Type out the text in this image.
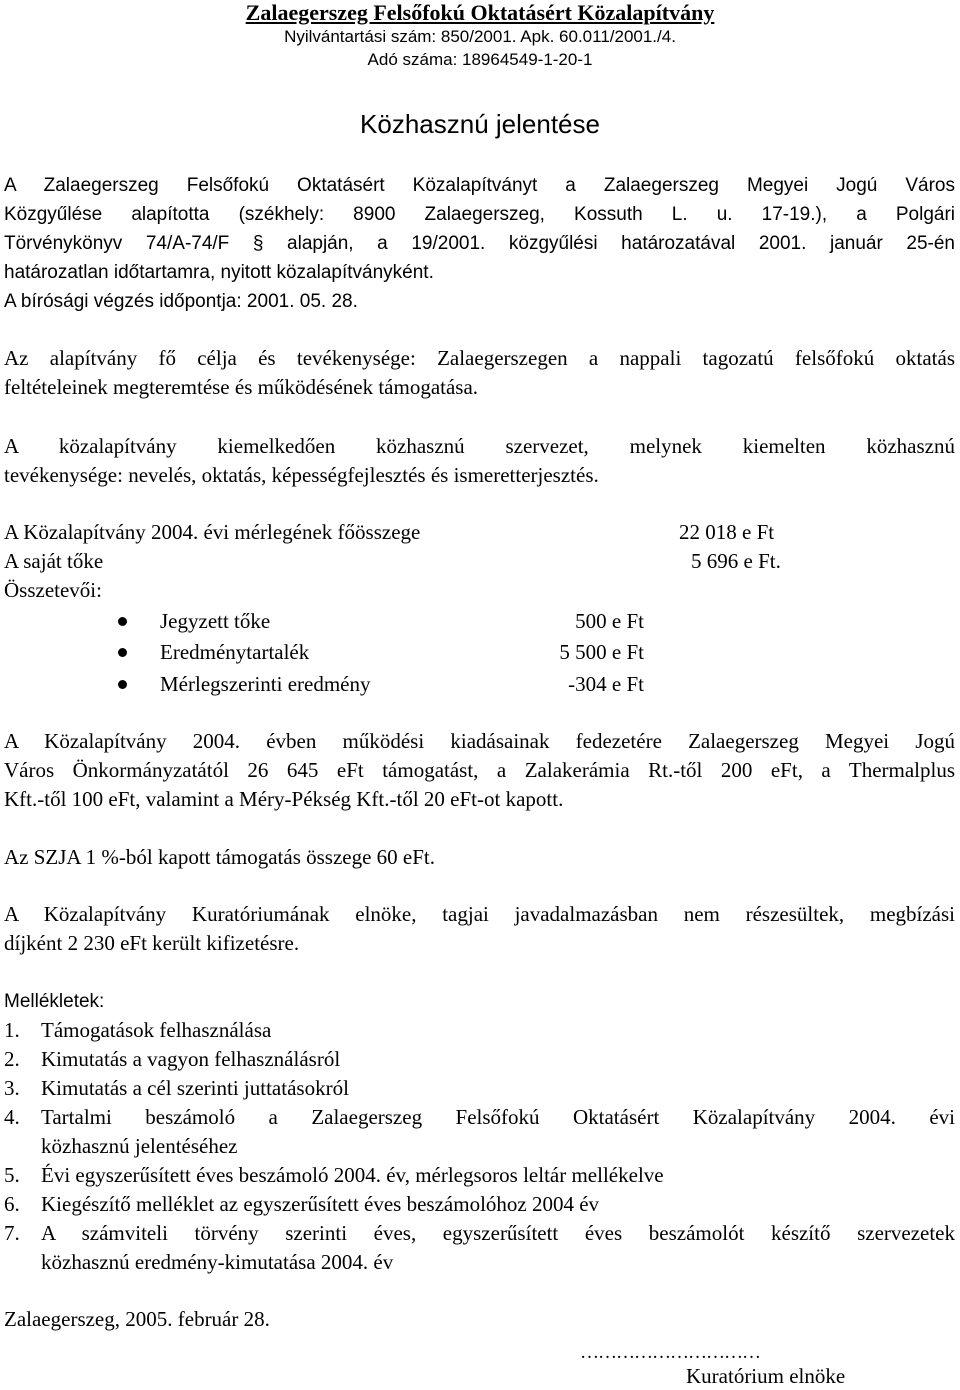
Zalaegerszeg Felsőfokú Oktatásért Közalapítvány
Nyilvántartási szám: 850/2001. Apk. 60.011/2001./4.
Adó száma: 18964549-1-20-1
Közhasznú jelentése
A Zalaegerszeg Felsőfokú Oktatásért Közalapítványt a Zalaegerszeg Megyei Jogú Város
Közgyűlése alapította (székhely: 8900 Zalaegerszeg, Kossuth L. u. 17-19.), a Polgári
Törvénykönyv 74/A-74/F § alapján, a 19/2001. közgyűlési határozatával 2001. január 25-én
határozatlan időtartamra, nyitott közalapítványként.
A bírósági végzés időpontja: 2001. 05. 28.
Az alapítvány fő célja és tevékenysége: Zalaegerszegen a nappali tagozatú felsőfokú oktatás
feltételeinek megteremtése és működésének támogatása.
A közalapítvány kiemelkedően közhasznú szervezet, melynek kiemelten közhasznú
tevékenysége: nevelés, oktatás, képességfejlesztés és ismeretterjesztés.
A Közalapítvány 2004. évi mérlegének főösszege	22 018 e Ft
A saját tőke	5 696 e Ft.
Összetevői:
Jegyzett tőke	500 e Ft
Eredménytartalék	5 500 e Ft
Mérlegszerinti eredmény	-304 e Ft
A Közalapítvány 2004. évben működési kiadásainak fedezetére Zalaegerszeg Megyei Jogú
Város Önkormányzatától 26 645 eFt támogatást, a Zalakerámia Rt.-től 200 eFt, a Thermalplus
Kft.-től 100 eFt, valamint a Méry-Pékség Kft.-től 20 eFt-ot kapott.
Az SZJA 1 %-ból kapott támogatás összege 60 eFt.
A Közalapítvány Kuratóriumának elnöke, tagjai javadalmazásban nem részesültek, megbízási
díjként 2 230 eFt került kifizetésre.
Mellékletek:
1. Támogatások felhasználása
2. Kimutatás a vagyon felhasználásról
3. Kimutatás a cél szerinti juttatásokról
4. Tartalmi beszámoló a Zalaegerszeg Felsőfokú Oktatásért Közalapítvány 2004. évi
közhasznú jelentéséhez
5. Évi egyszerűsített éves beszámoló 2004. év, mérlegsoros leltár mellékelve
6. Kiegészítő melléklet az egyszerűsített éves beszámolóhoz 2004 év
7. A számviteli törvény szerinti éves, egyszerűsített éves beszámolót készítő szervezetek
közhasznú eredmény-kimutatása 2004. év
Zalaegerszeg, 2005. február 28.
…………………………
Kuratórium elnöke
